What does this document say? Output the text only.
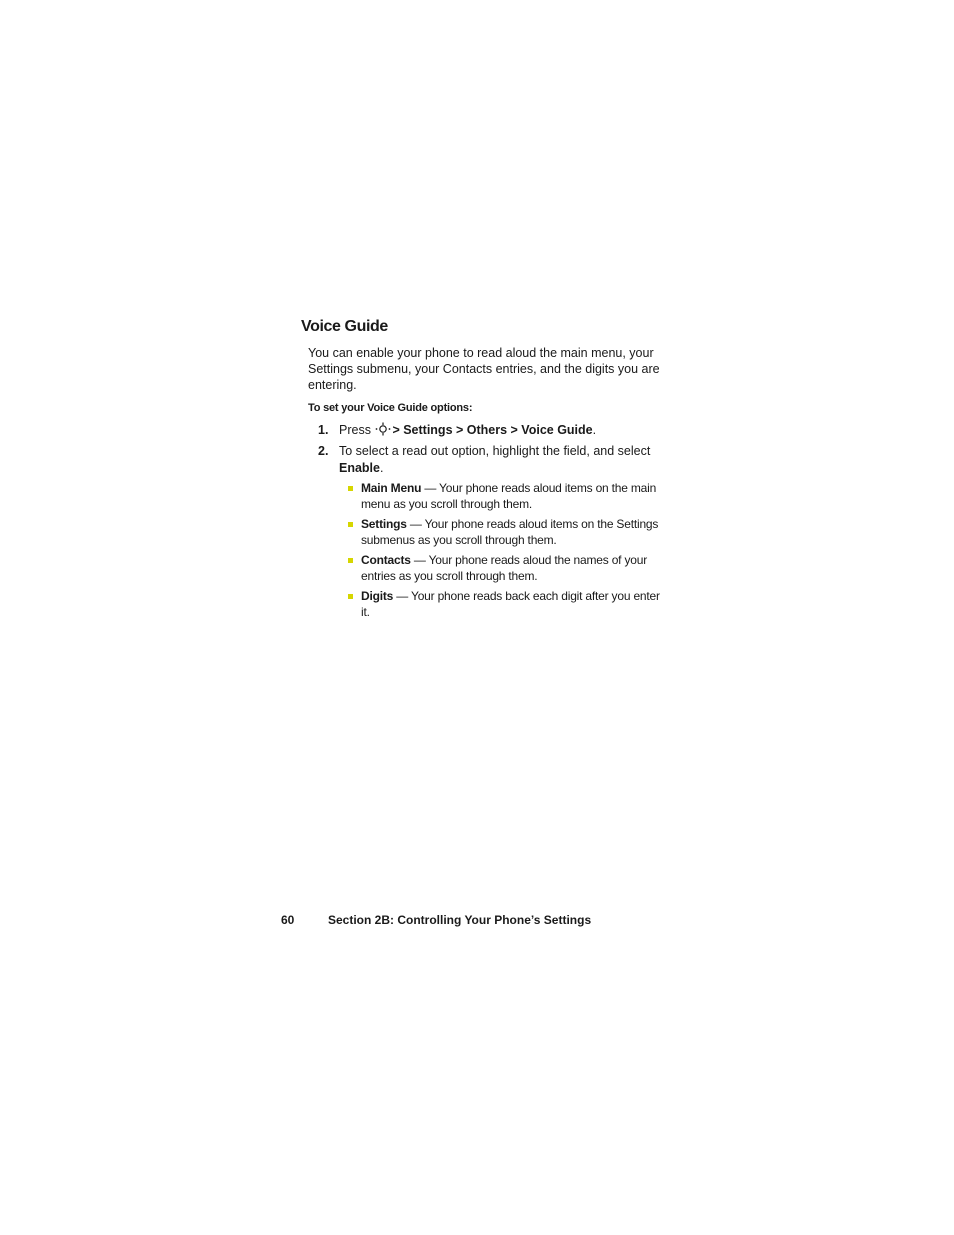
Voice Guide

You can enable your phone to read aloud the main menu, your Settings submenu, your Contacts entries, and the digits you are entering.

To set your Voice Guide options:

1. Press > Settings > Others > Voice Guide.
2. To select a read out option, highlight the field, and select Enable.
Main Menu — Your phone reads aloud items on the main menu as you scroll through them.
Settings — Your phone reads aloud items on the Settings submenus as you scroll through them.
Contacts — Your phone reads aloud the names of your entries as you scroll through them.
Digits — Your phone reads back each digit after you enter it.
60	Section 2B: Controlling Your Phone’s Settings
